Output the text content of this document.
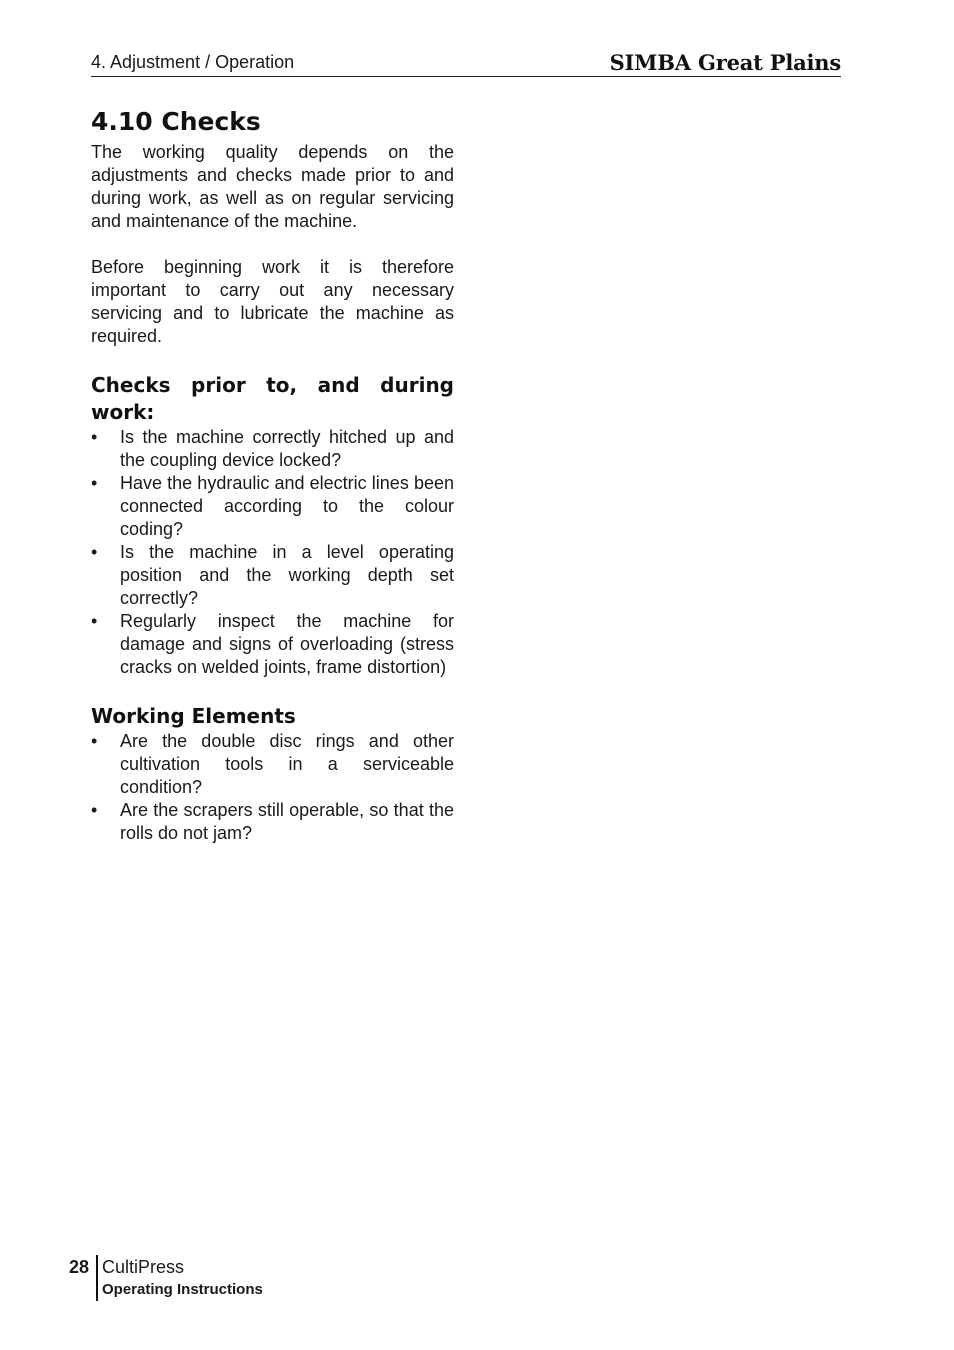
4. Adjustment / Operation	SIMBA Great Plains
4.10 Checks

The working quality depends on the adjustments and checks made prior to and during work, as well as on regular servicing and maintenance of the machine.

Before beginning work it is therefore important to carry out any necessary servicing and to lubricate the machine as required.

Checks prior to, and during work:
• Is the machine correctly hitched up and the coupling device locked?
• Have the hydraulic and electric lines been connected according to the colour coding?
• Is the machine in a level operating position and the working depth set correctly?
• Regularly inspect the machine for damage and signs of overloading (stress cracks on welded joints, frame distortion)
Working Elements
• Are the double disc rings and other cultivation tools in a serviceable condition?
• Are the scrapers still operable, so that the rolls do not jam?
28 CultiPress
Operating Instructions
